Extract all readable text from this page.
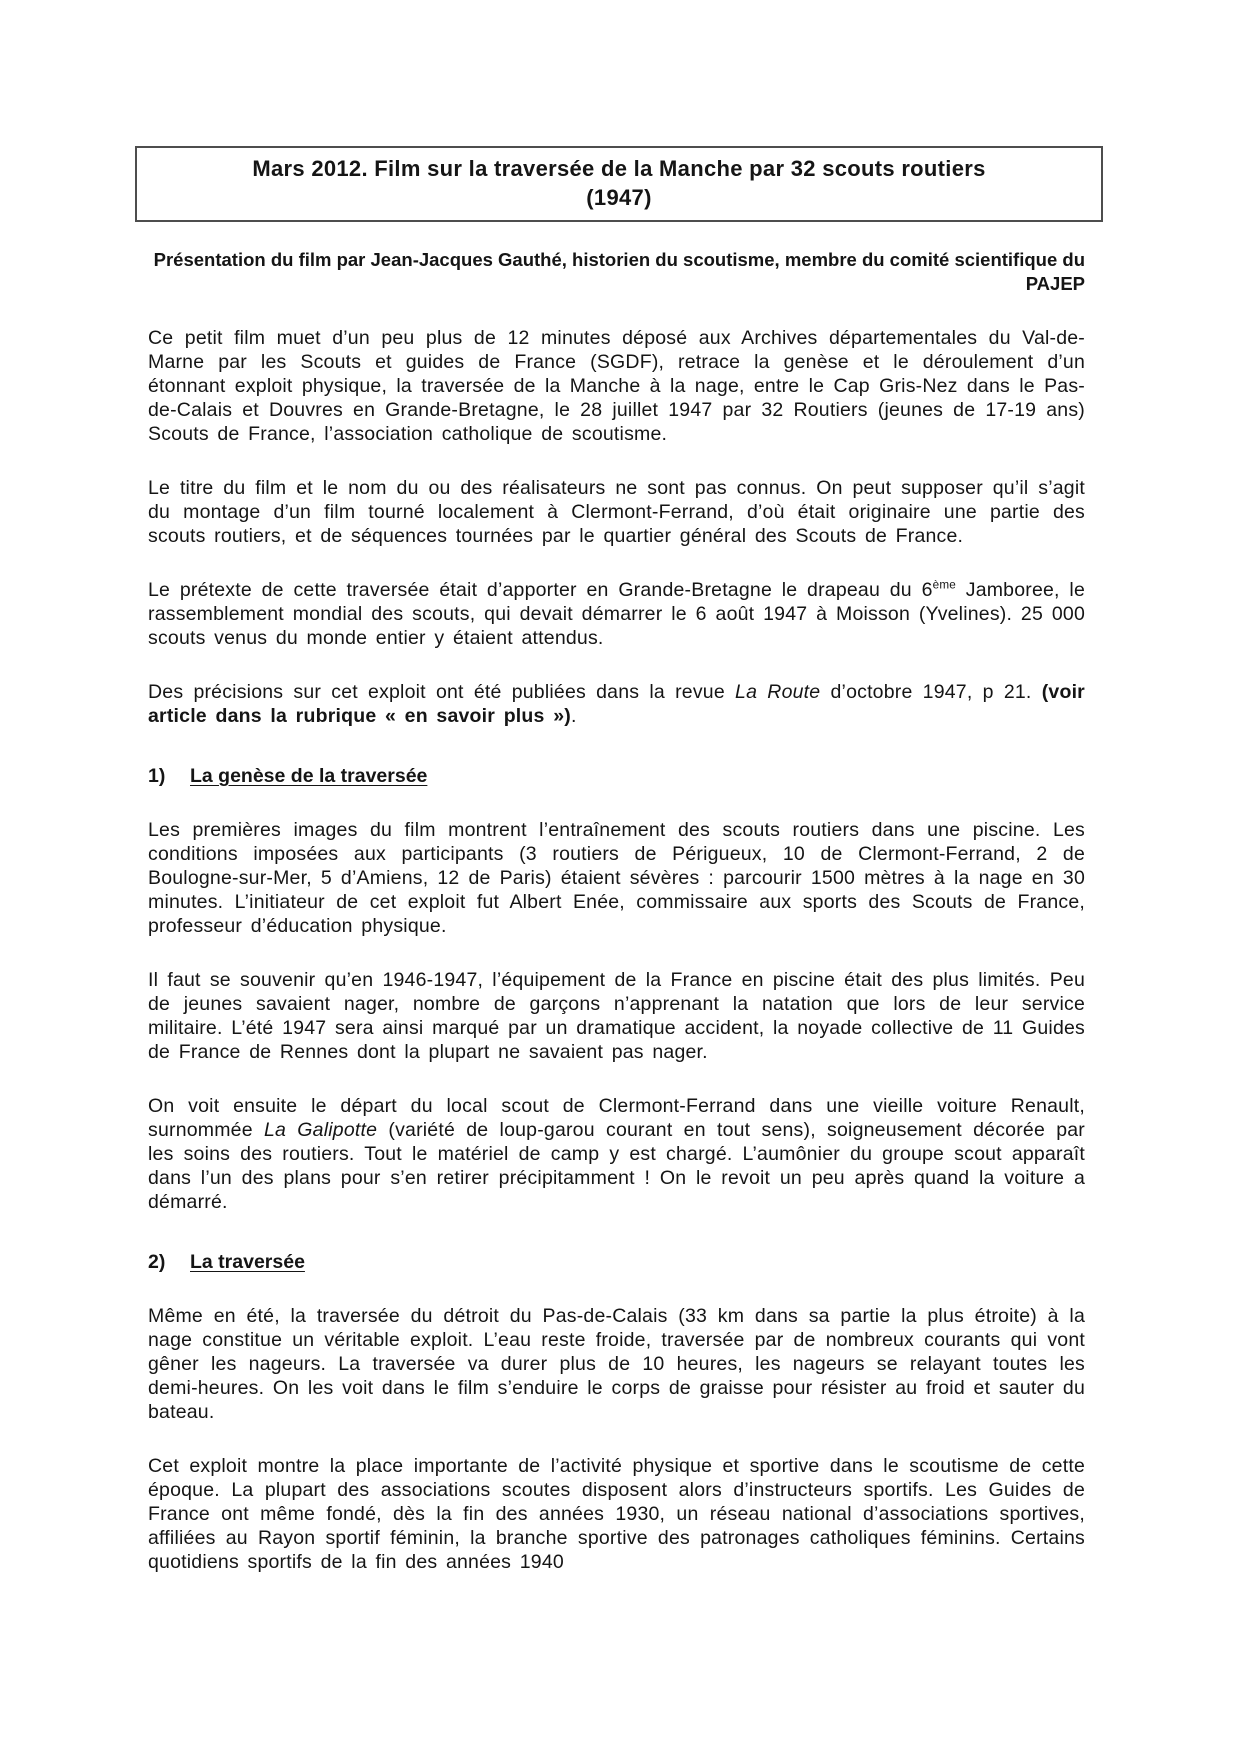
Mars 2012. Film sur la traversée de la Manche par 32 scouts routiers
(1947)
Présentation du film par Jean-Jacques Gauthé, historien du scoutisme, membre du comité scientifique du PAJEP

Ce petit film muet d’un peu plus de 12 minutes déposé aux Archives départementales du Val-de-Marne par les Scouts et guides de France (SGDF), retrace la genèse et le déroulement d’un étonnant exploit physique, la traversée de la Manche à la nage, entre le Cap Gris-Nez dans le Pas-de-Calais et Douvres en Grande-Bretagne, le 28 juillet 1947 par 32 Routiers (jeunes de 17-19 ans) Scouts de France, l’association catholique de scoutisme.

Le titre du film et le nom du ou des réalisateurs ne sont pas connus. On peut supposer qu’il s’agit du montage d’un film tourné localement à Clermont-Ferrand, d’où était originaire une partie des scouts routiers, et de séquences tournées par le quartier général des Scouts de France.

Le prétexte de cette traversée était d’apporter en Grande-Bretagne le drapeau du 6ème Jamboree, le rassemblement mondial des scouts, qui devait démarrer le 6 août 1947 à Moisson (Yvelines). 25 000 scouts venus du monde entier y étaient attendus.

Des précisions sur cet exploit ont été publiées dans la revue La Route d’octobre 1947, p 21. (voir article dans la rubrique « en savoir plus »).

1) La genèse de la traversée

Les premières images du film montrent l’entraînement des scouts routiers dans une piscine. Les conditions imposées aux participants (3 routiers de Périgueux, 10 de Clermont-Ferrand, 2 de Boulogne-sur-Mer, 5 d’Amiens, 12 de Paris) étaient sévères : parcourir 1500 mètres à la nage en 30 minutes. L’initiateur de cet exploit fut Albert Enée, commissaire aux sports des Scouts de France, professeur d’éducation physique.

Il faut se souvenir qu’en 1946-1947, l’équipement de la France en piscine était des plus limités. Peu de jeunes savaient nager, nombre de garçons n’apprenant la natation que lors de leur service militaire. L’été 1947 sera ainsi marqué par un dramatique accident, la noyade collective de 11 Guides de France de Rennes dont la plupart ne savaient pas nager.

On voit ensuite le départ du local scout de Clermont-Ferrand dans une vieille voiture Renault, surnommée La Galipotte (variété de loup-garou courant en tout sens), soigneusement décorée par les soins des routiers. Tout le matériel de camp y est chargé. L’aumônier du groupe scout apparaît dans l’un des plans pour s’en retirer précipitamment ! On le revoit un peu après quand la voiture a démarré.

2) La traversée

Même en été, la traversée du détroit du Pas-de-Calais (33 km dans sa partie la plus étroite) à la nage constitue un véritable exploit. L’eau reste froide, traversée par de nombreux courants qui vont gêner les nageurs. La traversée va durer plus de 10 heures, les nageurs se relayant toutes les demi-heures. On les voit dans le film s’enduire le corps de graisse pour résister au froid et sauter du bateau.

Cet exploit montre la place importante de l’activité physique et sportive dans le scoutisme de cette époque. La plupart des associations scoutes disposent alors d’instructeurs sportifs. Les Guides de France ont même fondé, dès la fin des années 1930, un réseau national d’associations sportives, affiliées au Rayon sportif féminin, la branche sportive des patronages catholiques féminins. Certains quotidiens sportifs de la fin des années 1940
